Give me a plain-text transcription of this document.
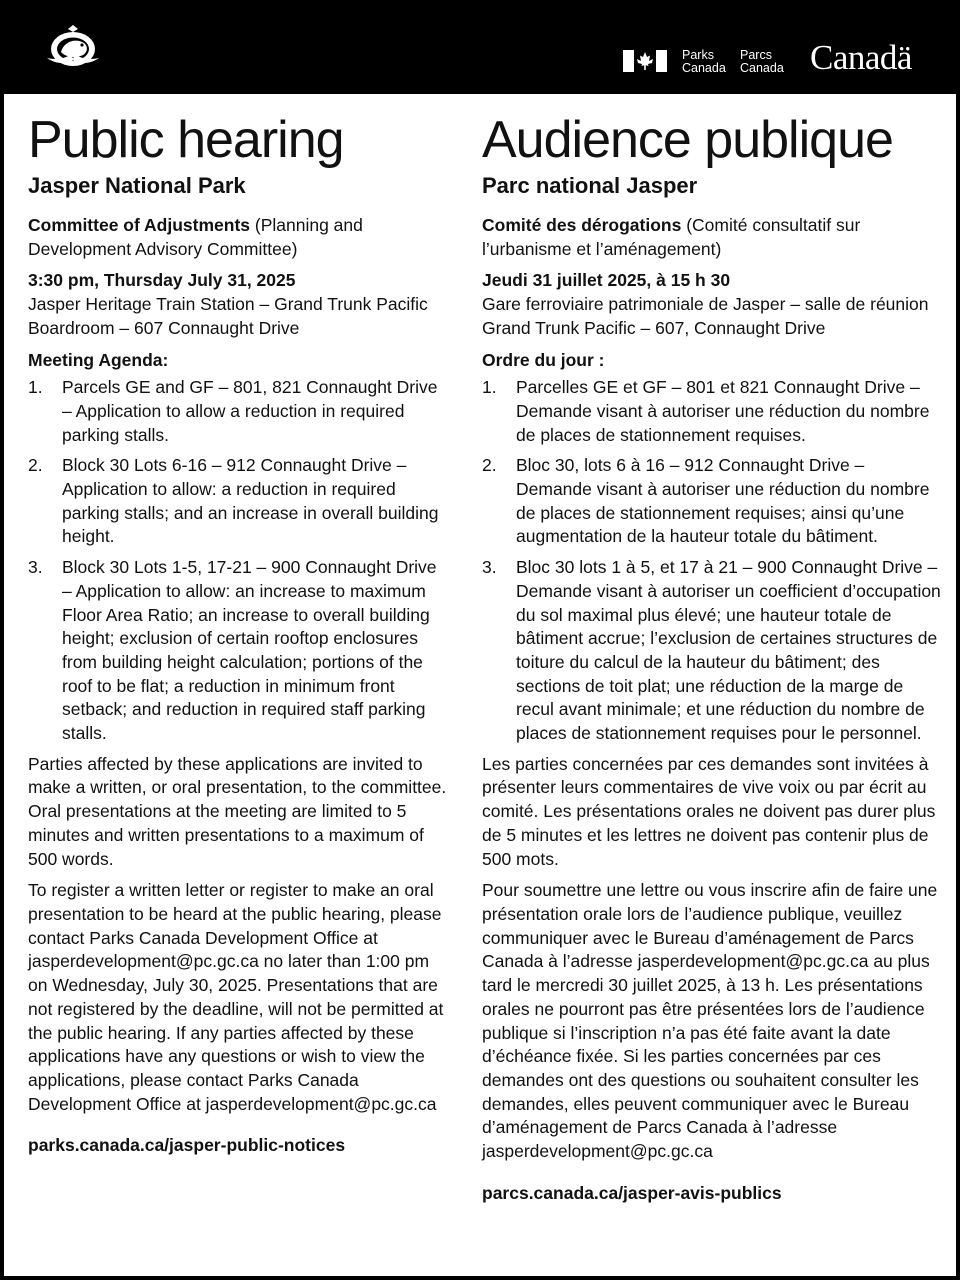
Parks
Canada
Parcs
Canada Canadä
Public hearing
Jasper National Park

Committee of Adjustments (Planning and Development Advisory Committee)

3:30 pm, Thursday July 31, 2025

Jasper Heritage Train Station – Grand Trunk Pacific Boardroom – 607 Connaught Drive

Meeting Agenda:

1. Parcels GE and GF – 801, 821 Connaught Drive – Application to allow a reduction in required parking stalls.
2. Block 30 Lots 6-16 – 912 Connaught Drive – Application to allow: a reduction in required parking stalls; and an increase in overall building height.
3. Block 30 Lots 1-5, 17-21 – 900 Connaught Drive – Application to allow: an increase to maximum Floor Area Ratio; an increase to overall building height; exclusion of certain rooftop enclosures from building height calculation; portions of the roof to be flat; a reduction in minimum front setback; and reduction in required staff parking stalls.

Parties affected by these applications are invited to make a written, or oral presentation, to the committee. Oral presentations at the meeting are limited to 5 minutes and written presentations to a maximum of 500 words.

To register a written letter or register to make an oral presentation to be heard at the public hearing, please contact Parks Canada Development Office at jasperdevelopment@pc.gc.ca no later than 1:00 pm on Wednesday, July 30, 2025. Presentations that are not registered by the deadline, will not be permitted at the public hearing. If any parties affected by these applications have any questions or wish to view the applications, please contact Parks Canada Development Office at jasperdevelopment@pc.gc.ca

parks.canada.ca/jasper-public-notices

Audience publique
Parc national Jasper

Comité des dérogations (Comité consultatif sur l’urbanisme et l’aménagement)

Jeudi 31 juillet 2025, à 15 h 30

Gare ferroviaire patrimoniale de Jasper – salle de réunion Grand Trunk Pacific – 607, Connaught Drive

Ordre du jour :

1. Parcelles GE et GF – 801 et 821 Connaught Drive – Demande visant à autoriser une réduction du nombre de places de stationnement requises.
2. Bloc 30, lots 6 à 16 – 912 Connaught Drive – Demande visant à autoriser une réduction du nombre de places de stationnement requises; ainsi qu’une augmentation de la hauteur totale du bâtiment.
3. Bloc 30 lots 1 à 5, et 17 à 21 – 900 Connaught Drive – Demande visant à autoriser un coefficient d’occupation du sol maximal plus élevé; une hauteur totale de bâtiment accrue; l’exclusion de certaines structures de toiture du calcul de la hauteur du bâtiment; des sections de toit plat; une réduction de la marge de recul avant minimale; et une réduction du nombre de places de stationnement requises pour le personnel.

Les parties concernées par ces demandes sont invitées à présenter leurs commentaires de vive voix ou par écrit au comité. Les présentations orales ne doivent pas durer plus de 5 minutes et les lettres ne doivent pas contenir plus de 500 mots.

Pour soumettre une lettre ou vous inscrire afin de faire une présentation orale lors de l’audience publique, veuillez communiquer avec le Bureau d’aménagement de Parcs Canada à l’adresse jasperdevelopment@pc.gc.ca au plus tard le mercredi 30 juillet 2025, à 13 h. Les présentations orales ne pourront pas être présentées lors de l’audience publique si l’inscription n’a pas été faite avant la date d’échéance fixée. Si les parties concernées par ces demandes ont des questions ou souhaitent consulter les demandes, elles peuvent communiquer avec le Bureau d’aménagement de Parcs Canada à l’adresse jasperdevelopment@pc.gc.ca

parcs.canada.ca/jasper-avis-publics
